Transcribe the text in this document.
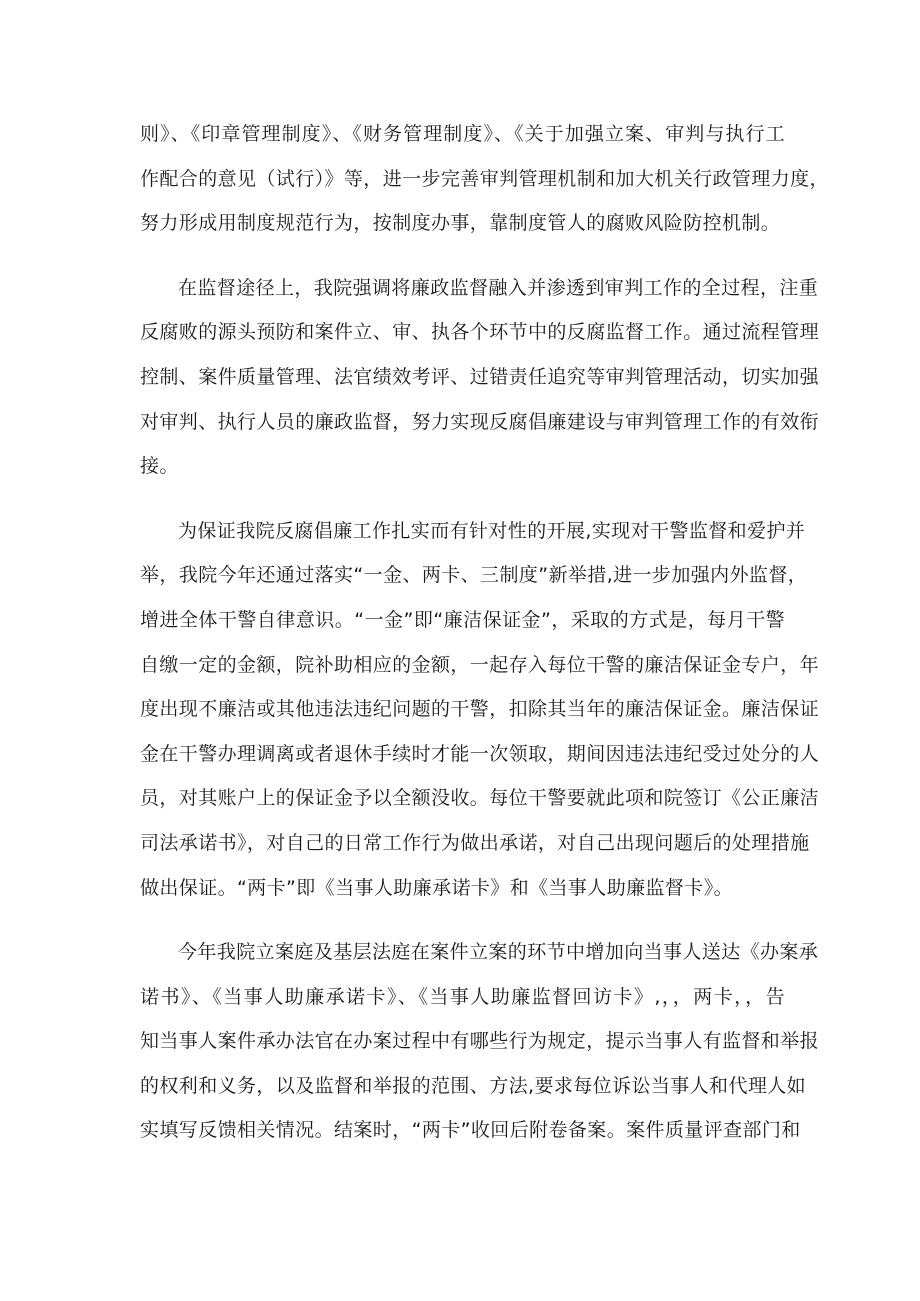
则》、《印章管理制度》、《财务管理制度》、《关于加强立案、审判与执行工
作配合的意见（试行）》等，进一步完善审判管理机制和加大机关行政管理力度，
努力形成用制度规范行为，按制度办事，靠制度管人的腐败风险防控机制。
在监督途径上，我院强调将廉政监督融入并渗透到审判工作的全过程，注重
反腐败的源头预防和案件立、审、执各个环节中的反腐监督工作。通过流程管理
控制、案件质量管理、法官绩效考评、过错责任追究等审判管理活动，切实加强
对审判、执行人员的廉政监督，努力实现反腐倡廉建设与审判管理工作的有效衔
接。
为保证我院反腐倡廉工作扎实而有针对性的开展,实现对干警监督和爱护并
举，我院今年还通过落实“一金、两卡、三制度”新举措,进一步加强内外监督，
增进全体干警自律意识。“一金”即“廉洁保证金”，采取的方式是，每月干警
自缴一定的金额，院补助相应的金额，一起存入每位干警的廉洁保证金专户，年
度出现不廉洁或其他违法违纪问题的干警，扣除其当年的廉洁保证金。廉洁保证
金在干警办理调离或者退休手续时才能一次领取，期间因违法违纪受过处分的人
员，对其账户上的保证金予以全额没收。每位干警要就此项和院签订《公正廉洁
司法承诺书》，对自己的日常工作行为做出承诺，对自己出现问题后的处理措施
做出保证。“两卡”即《当事人助廉承诺卡》和《当事人助廉监督卡》。
今年我院立案庭及基层法庭在案件立案的环节中增加向当事人送达《办案承
诺书》、《当事人助廉承诺卡》、《当事人助廉监督回访卡》,，，两卡，，告
知当事人案件承办法官在办案过程中有哪些行为规定，提示当事人有监督和举报
的权利和义务，以及监督和举报的范围、方法,要求每位诉讼当事人和代理人如
实填写反馈相关情况。结案时，“两卡”收回后附卷备案。案件质量评查部门和
